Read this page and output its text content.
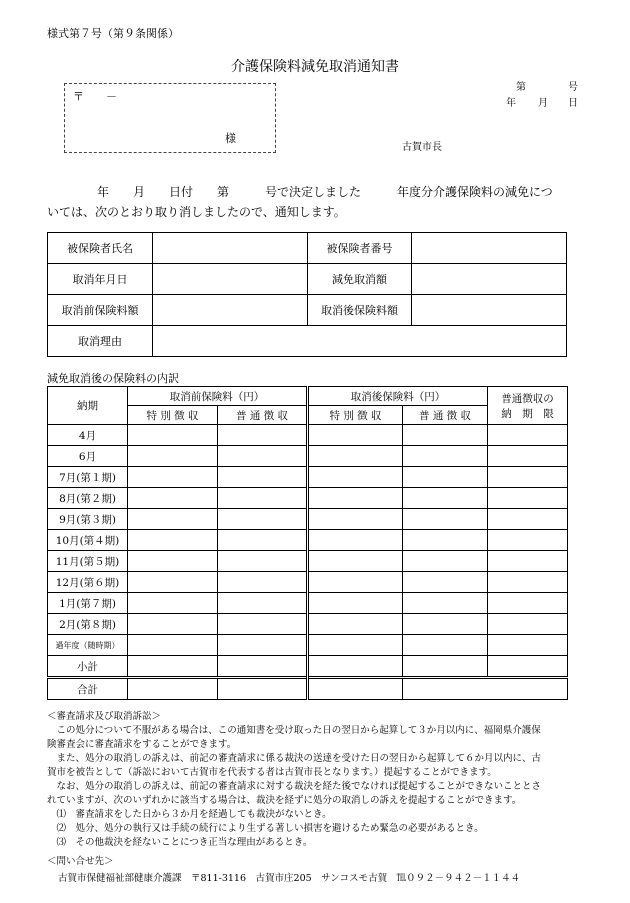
様式第７号（第９条関係）
介護保険料減免取消通知書
〒　　－
様
第	号
年 月 日
古賀市長
年　　月　　日付　　第　　　号で決定しました　　　年度分介護保険料の減免につ
いては、次のとおり取り消しましたので、通知します。
被保険者氏名		被保険者番号	
取消年月日		減免取消額	
取消前保険料額		取消後保険料額	
取消理由			
減免取消後の保険料の内訳
納期	取消前保険料（円）		取消後保険料（円）		普通徴収の
納　期　限

	特 別 徴 収	普 通 徴 収	特 別 徴 収	普 通 徴 収	
4月					
6月					
7月(第１期)					
8月(第２期)					
9月(第３期)					
10月(第４期)					
11月(第５期)					
12月(第６期)					
1月(第７期)					
2月(第８期)					
過年度（随時期）					
小計					
合計					
＜審査請求及び取消訴訟＞
　この処分について不服がある場合は、この通知書を受け取った日の翌日から起算して３か月以内に、福岡県介護保
険審査会に審査請求をすることができます。
　また、処分の取消しの訴えは、前記の審査請求に係る裁決の送達を受けた日の翌日から起算して６か月以内に、古
賀市を被告として（訴訟において古賀市を代表する者は古賀市長となります。）提起することができます。
　なお、処分の取消しの訴えは、前記の審査請求に対する裁決を経た後でなければ提起することができないこととさ
れていますが、次のいずれかに該当する場合は、裁決を経ずに処分の取消しの訴えを提起することができます。
　⑴　審査請求をした日から３か月を経過しても裁決がないとき。
　⑵　処分、処分の執行又は手続の続行により生ずる著しい損害を避けるため緊急の必要があるとき。
　⑶　その他裁決を経ないことにつき正当な理由があるとき。
＜問い合せ先＞
古賀市保健福祉部健康介護課　〒811-3116　古賀市庄205　サンコスモ古賀　℡０９２－９４２－１１４４
